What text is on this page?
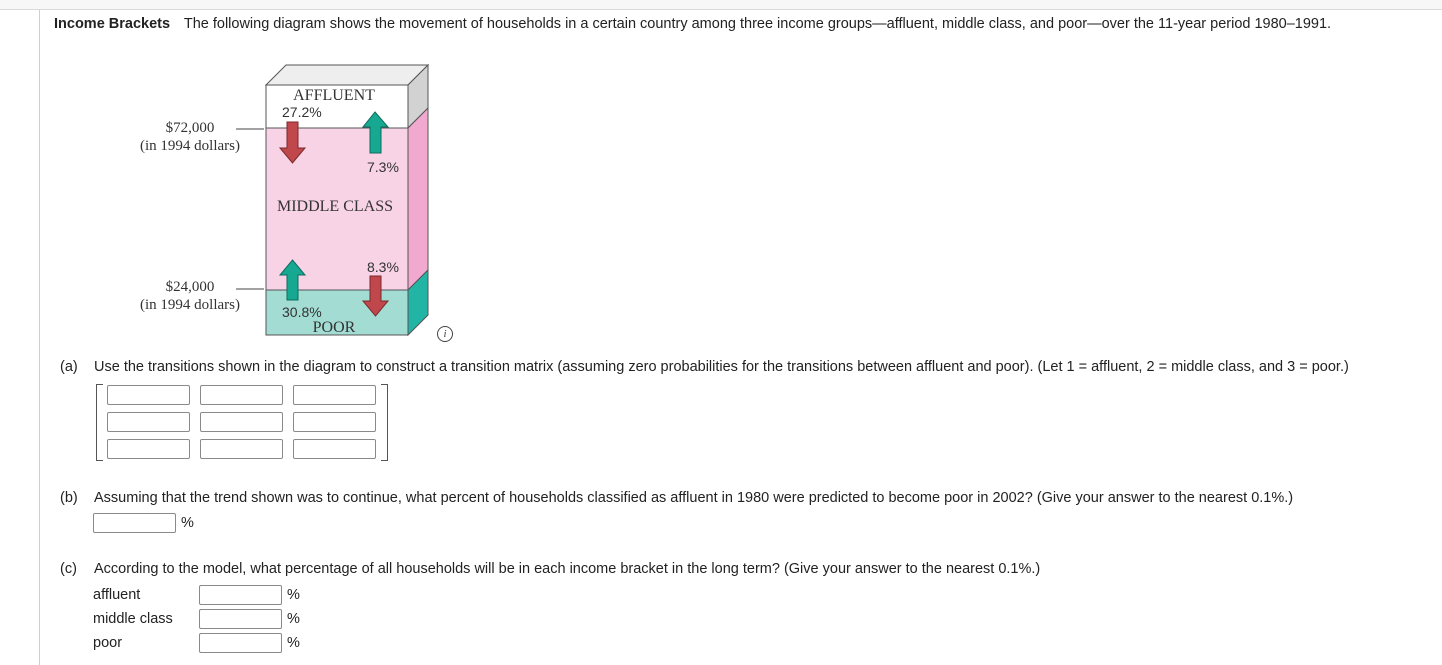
Income Brackets The following diagram shows the movement of households in a certain country among three income groups—affluent, middle class, and poor—over the 11-year period 1980–1991.
$72,000
(in 1994 dollars)
$24,000
(in 1994 dollars)
AFFLUENT
MIDDLE CLASS
POOR
27.2%
7.3%
8.3%
30.8%
i
(a) Use the transitions shown in the diagram to construct a transition matrix (assuming zero probabilities for the transitions between affluent and poor). (Let 1 = affluent, 2 = middle class, and 3 = poor.)
(b) Assuming that the trend shown was to continue, what percent of households classified as affluent in 1980 were predicted to become poor in 2002? (Give your answer to the nearest 0.1%.)
%
(c) According to the model, what percentage of all households will be in each income bracket in the long term? (Give your answer to the nearest 0.1%.)
affluent	%
middle class	%
poor	%
